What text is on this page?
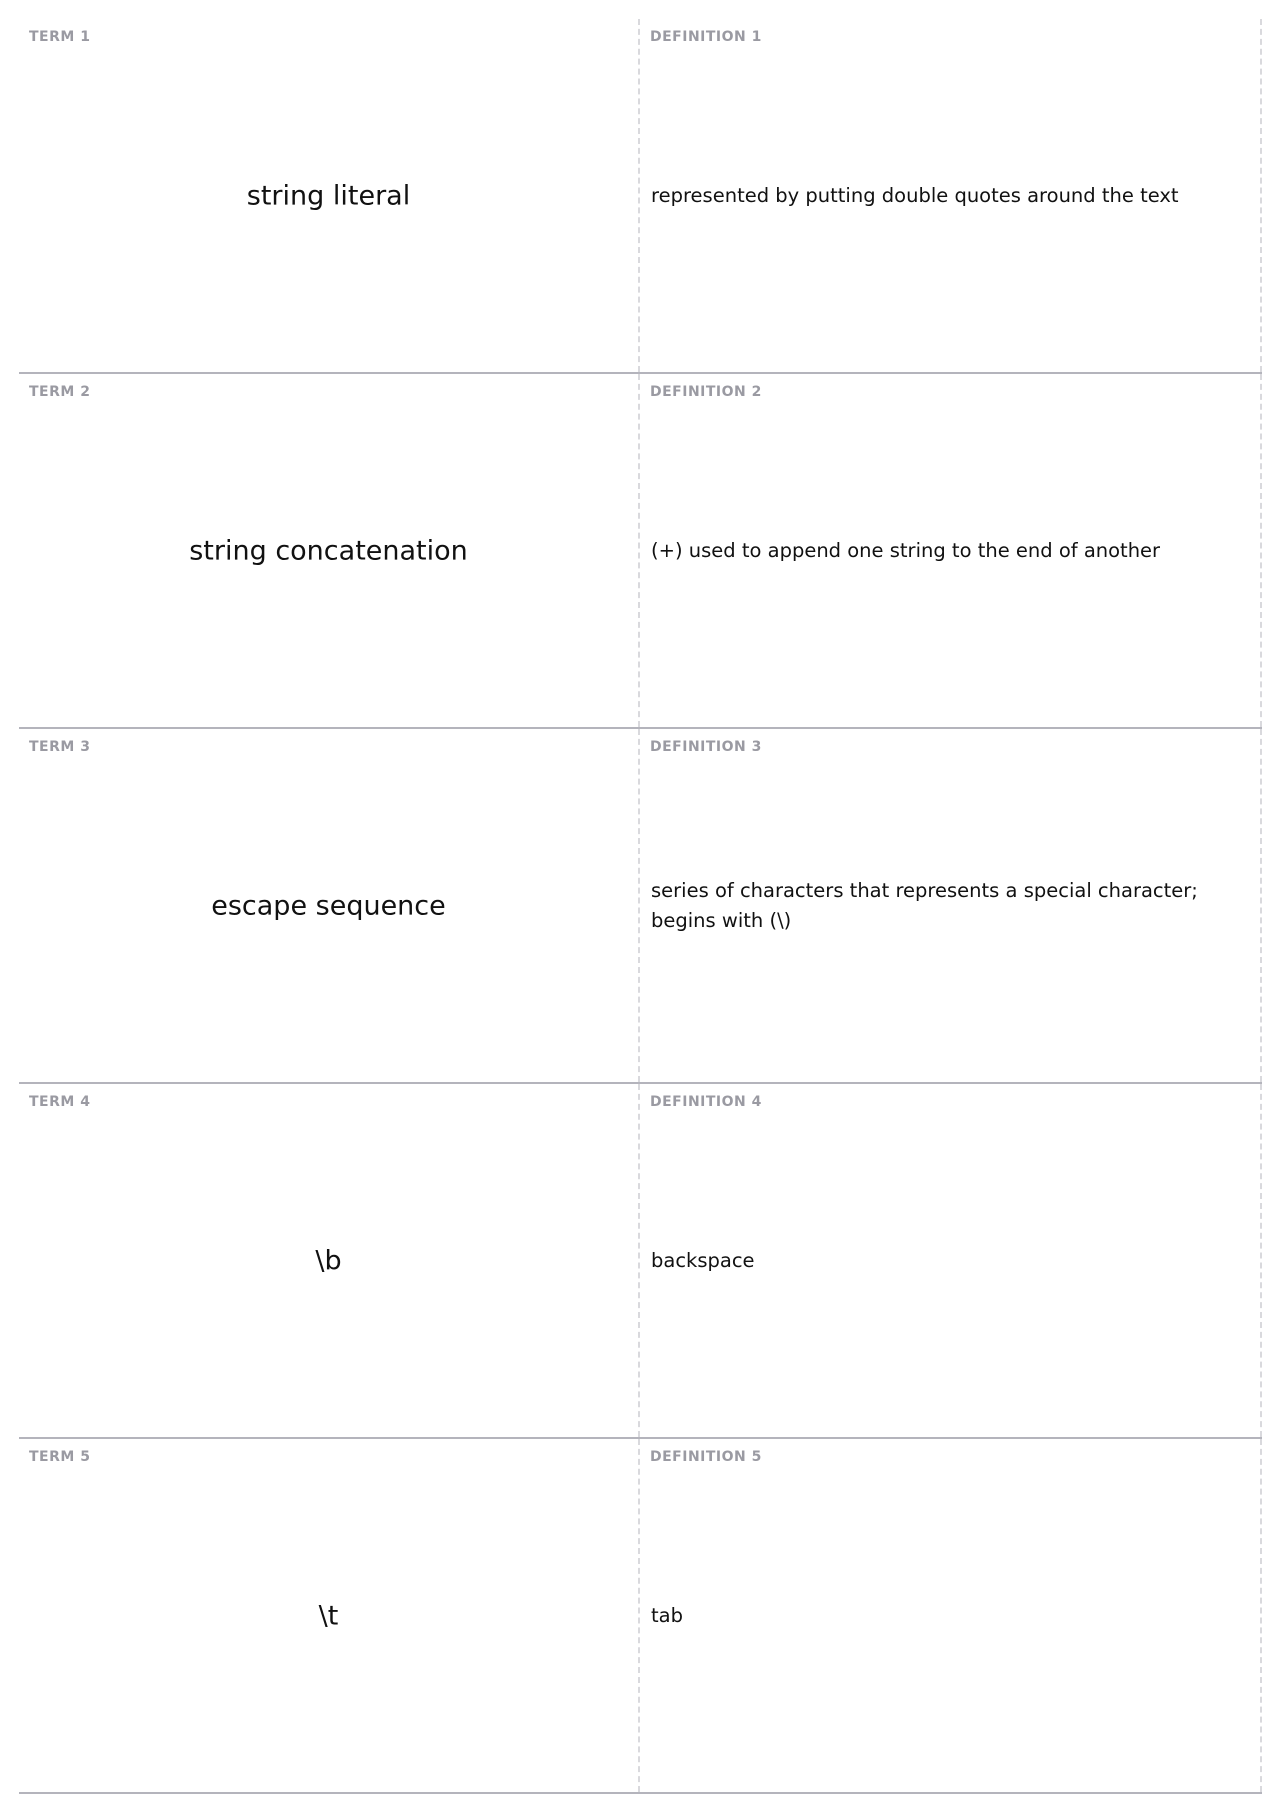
TERM 1
string literal
DEFINITION 1
represented by putting double quotes around the text
TERM 2
string concatenation
DEFINITION 2
(+) used to append one string to the end of another
TERM 3
escape sequence
DEFINITION 3
series of characters that represents a special character; begins with (\)
TERM 4
\b
DEFINITION 4
backspace
TERM 5
\t
DEFINITION 5
tab
